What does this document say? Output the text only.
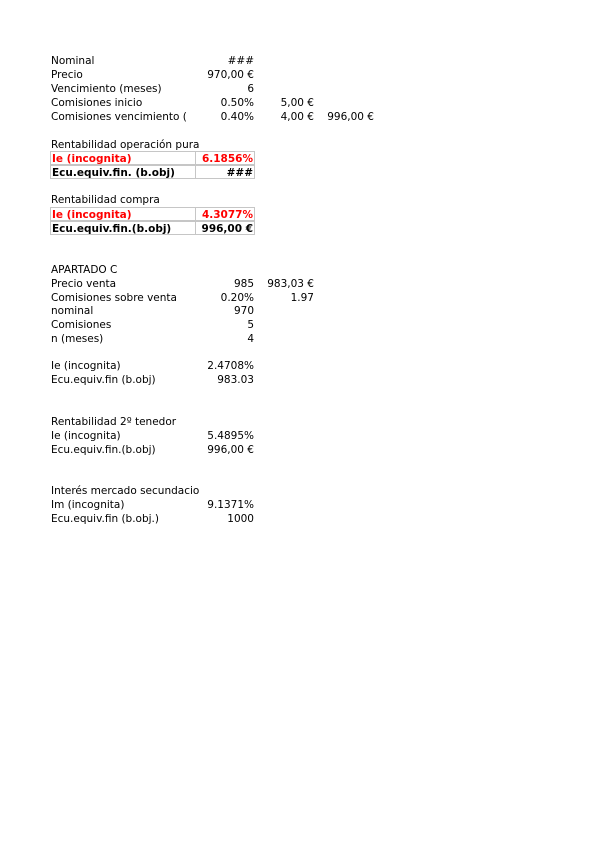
Nominal	###
Precio	970,00 €
Vencimiento (meses)	6
Comisiones inicio	0.50%	5,00 €
Comisiones vencimiento (	0.40%	4,00 €	996,00 €
Rentabilidad operación pura
Ie (incognita)	6.1856%
Ecu.equiv.fin. (b.obj)	###
Rentabilidad compra
Ie (incognita)	4.3077%
Ecu.equiv.fin.(b.obj)	996,00 €
APARTADO C
Precio venta	985	983,03 €
Comisiones sobre venta	0.20%	1.97
nominal	970
Comisiones	5
n (meses)	4
Ie (incognita)	2.4708%
Ecu.equiv.fin (b.obj)	983.03
Rentabilidad 2º tenedor
Ie (incognita)	5.4895%
Ecu.equiv.fin.(b.obj)	996,00 €
Interés mercado secundacio
Im (incognita)	9.1371%
Ecu.equiv.fin (b.obj.)	1000
